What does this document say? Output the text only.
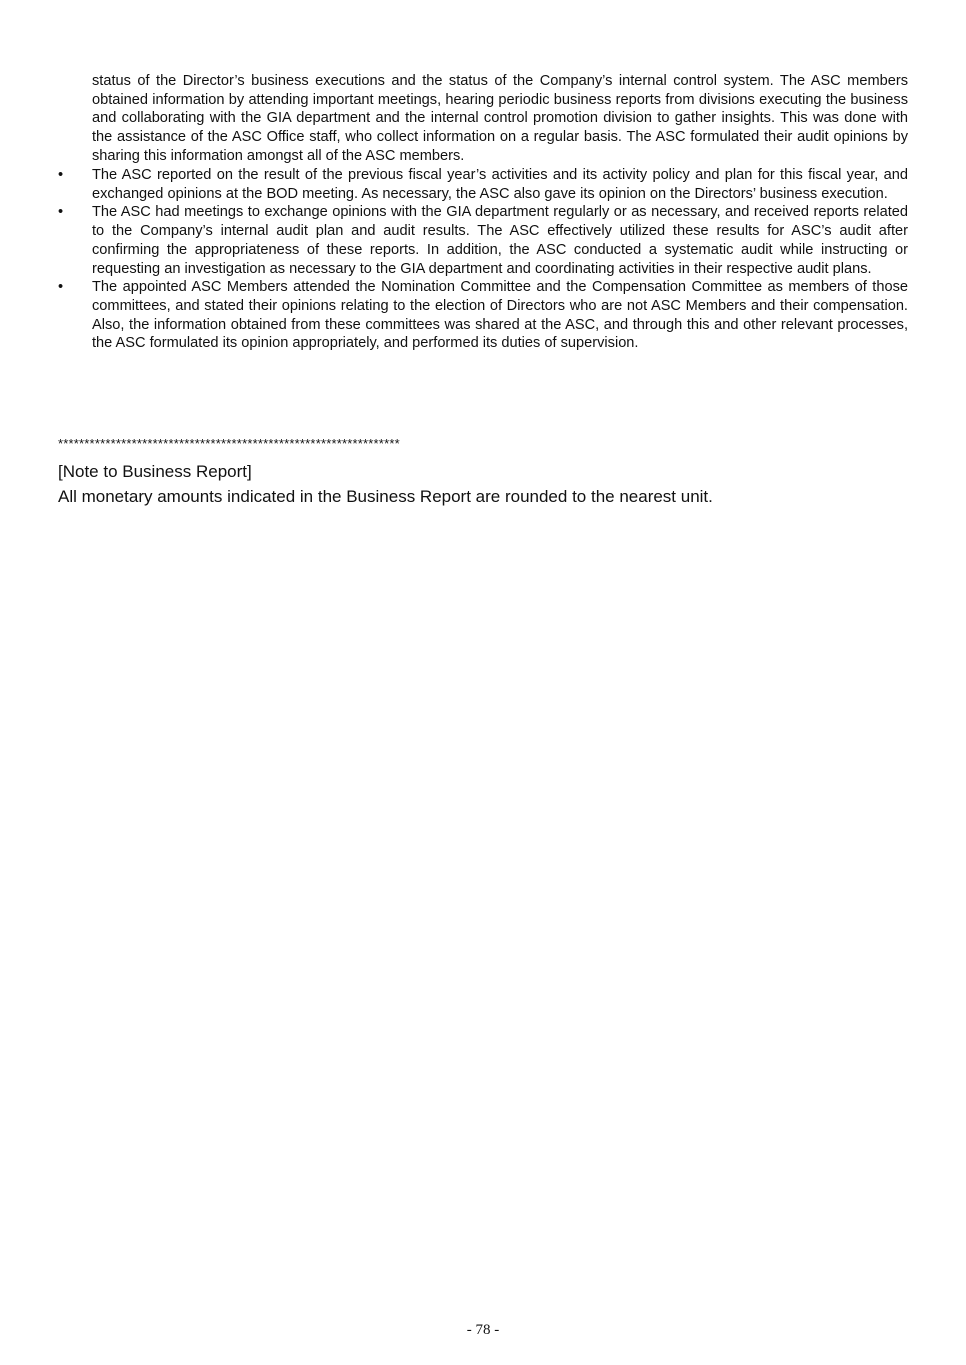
status of the Director’s business executions and the status of the Company’s internal control system. The ASC members obtained information by attending important meetings, hearing periodic business reports from divisions executing the business and collaborating with the GIA department and the internal control promotion division to gather insights. This was done with the assistance of the ASC Office staff, who collect information on a regular basis. The ASC formulated their audit opinions by sharing this information amongst all of the ASC members.

• The ASC reported on the result of the previous fiscal year’s activities and its activity policy and plan for this fiscal year, and exchanged opinions at the BOD meeting. As necessary, the ASC also gave its opinion on the Directors’ business execution.
• The ASC had meetings to exchange opinions with the GIA department regularly or as necessary, and received reports related to the Company’s internal audit plan and audit results. The ASC effectively utilized these results for ASC’s audit after confirming the appropriateness of these reports. In addition, the ASC conducted a systematic audit while instructing or requesting an investigation as necessary to the GIA department and coordinating activities in their respective audit plans.
• The appointed ASC Members attended the Nomination Committee and the Compensation Committee as members of those committees, and stated their opinions relating to the election of Directors who are not ASC Members and their compensation. Also, the information obtained from these committees was shared at the ASC, and through this and other relevant processes, the ASC formulated its opinion appropriately, and performed its duties of supervision.
*****************************************************************
[Note to Business Report]
All monetary amounts indicated in the Business Report are rounded to the nearest unit.
- 78 -
